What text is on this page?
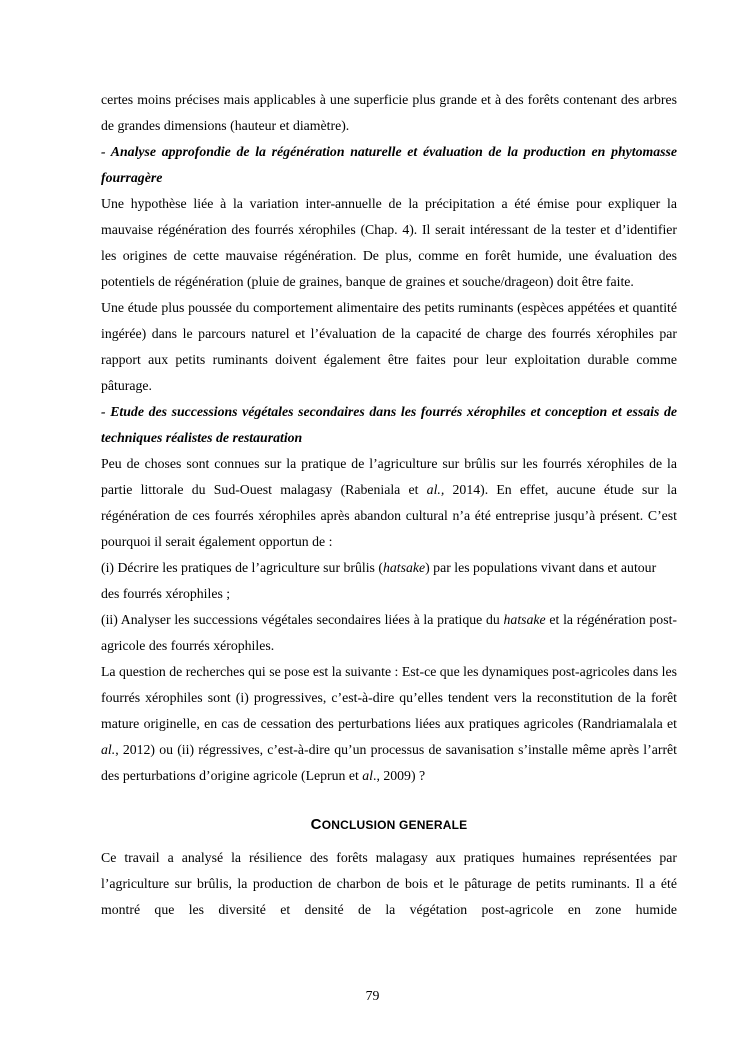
certes moins précises mais applicables à une superficie plus grande et à des forêts contenant des arbres de grandes dimensions (hauteur et diamètre).

- Analyse approfondie de la régénération naturelle et évaluation de la production en phytomasse fourragère

Une hypothèse liée à la variation inter-annuelle de la précipitation a été émise pour expliquer la mauvaise régénération des fourrés xérophiles (Chap. 4). Il serait intéressant de la tester et d’identifier les origines de cette mauvaise régénération. De plus, comme en forêt humide, une évaluation des potentiels de régénération (pluie de graines, banque de graines et souche/drageon) doit être faite.

Une étude plus poussée du comportement alimentaire des petits ruminants (espèces appétées et quantité ingérée) dans le parcours naturel et l’évaluation de la capacité de charge des fourrés xérophiles par rapport aux petits ruminants doivent également être faites pour leur exploitation durable comme pâturage.

- Etude des successions végétales secondaires dans les fourrés xérophiles et conception et essais de techniques réalistes de restauration

Peu de choses sont connues sur la pratique de l’agriculture sur brûlis sur les fourrés xérophiles de la partie littorale du Sud-Ouest malagasy (Rabeniala et al., 2014). En effet, aucune étude sur la régénération de ces fourrés xérophiles après abandon cultural n’a été entreprise jusqu’à présent. C’est pourquoi il serait également opportun de :

(i) Décrire les pratiques de l’agriculture sur brûlis (hatsake) par les populations vivant dans et autour des fourrés xérophiles ;

(ii) Analyser les successions végétales secondaires liées à la pratique du hatsake et la régénération post-agricole des fourrés xérophiles.

La question de recherches qui se pose est la suivante : Est-ce que les dynamiques post-agricoles dans les fourrés xérophiles sont (i) progressives, c’est-à-dire qu’elles tendent vers la reconstitution de la forêt mature originelle, en cas de cessation des perturbations liées aux pratiques agricoles (Randriamalala et al., 2012) ou (ii) régressives, c’est-à-dire qu’un processus de savanisation s’installe même après l’arrêt des perturbations d’origine agricole (Leprun et al., 2009) ?

CONCLUSION GENERALE

Ce travail a analysé la résilience des forêts malagasy aux pratiques humaines représentées par l’agriculture sur brûlis, la production de charbon de bois et le pâturage de petits ruminants. Il a été montré que les diversité et densité de la végétation post-agricole en zone humide

79
